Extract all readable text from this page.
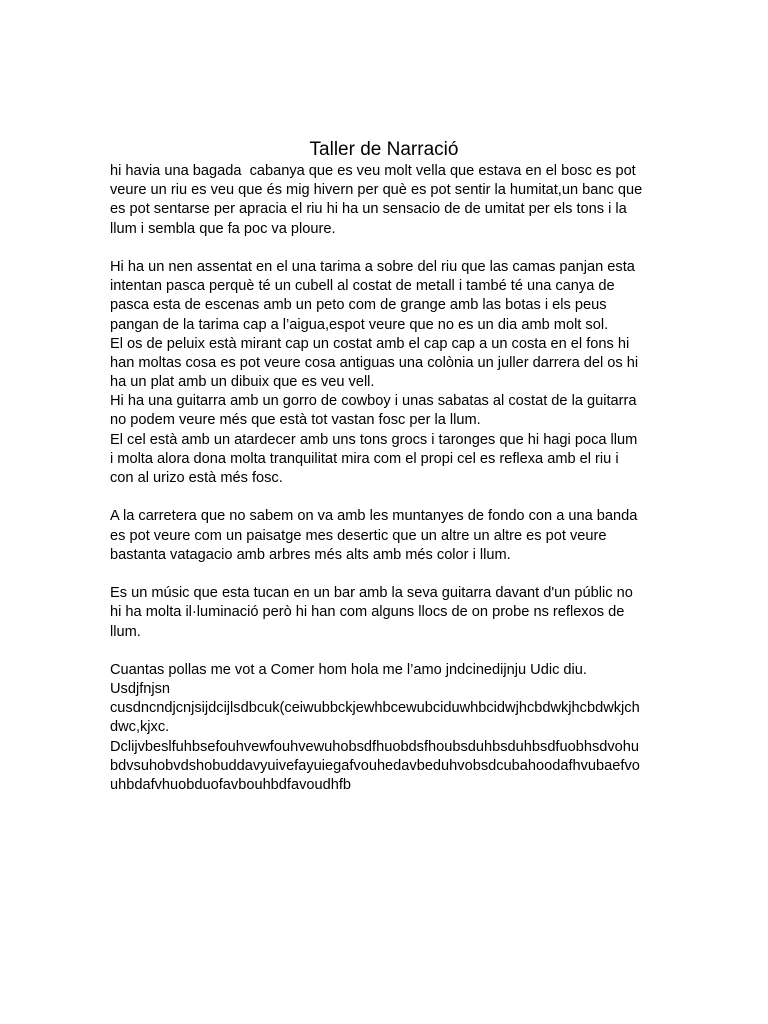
Taller de Narració
hi havia una bagada  cabanya que es veu molt vella que estava en el bosc es pot
veure un riu es veu que és mig hivern per què es pot sentir la humitat,un banc que
es pot sentarse per apracia el riu hi ha un sensacio de de umitat per els tons i la
llum i sembla que fa poc va ploure.
Hi ha un nen assentat en el una tarima a sobre del riu que las camas panjan esta
intentan pasca perquè té un cubell al costat de metall i també té una canya de
pasca esta de escenas amb un peto com de grange amb las botas i els peus
pangan de la tarima cap a l’aigua,espot veure que no es un dia amb molt sol.
El os de peluix està mirant cap un costat amb el cap cap a un costa en el fons hi
han moltas cosa es pot veure cosa antiguas una colònia un juller darrera del os hi
ha un plat amb un dibuix que es veu vell.
Hi ha una guitarra amb un gorro de cowboy i unas sabatas al costat de la guitarra
no podem veure més que està tot vastan fosc per la llum.
El cel està amb un atardecer amb uns tons grocs i taronges que hi hagi poca llum
i molta alora dona molta tranquilitat mira com el propi cel es reflexa amb el riu i
con al urizo està més fosc.
A la carretera que no sabem on va amb les muntanyes de fondo con a una banda
es pot veure com un paisatge mes desertic que un altre un altre es pot veure
bastanta vatagacio amb arbres més alts amb més color i llum.
Es un músic que esta tucan en un bar amb la seva guitarra davant d'un públic no
hi ha molta il·luminació però hi han com alguns llocs de on probe ns reflexos de
llum.
Cuantas pollas me vot a Comer hom hola me l’amo jndcinedijnju Udic diu.
Usdjfnjsn
cusdncndjcnjsijdcijlsdbcuk(ceiwubbckjewhbcewubciduwhbcidwjhcbdwkjhcbdwkjch
dwc,kjxc.
Dclijvbeslfuhbsefouhvewfouhvewuhobsdfhuobdsfhoubsduhbsduhbsdfuobhsdvohu
bdvsuhobvdshobuddavyuivefayuiegafvouhedavbeduhvobsdcubahoodafhvubaefvo
uhbdafvhuobduofavbouhbdfavoudhfb
